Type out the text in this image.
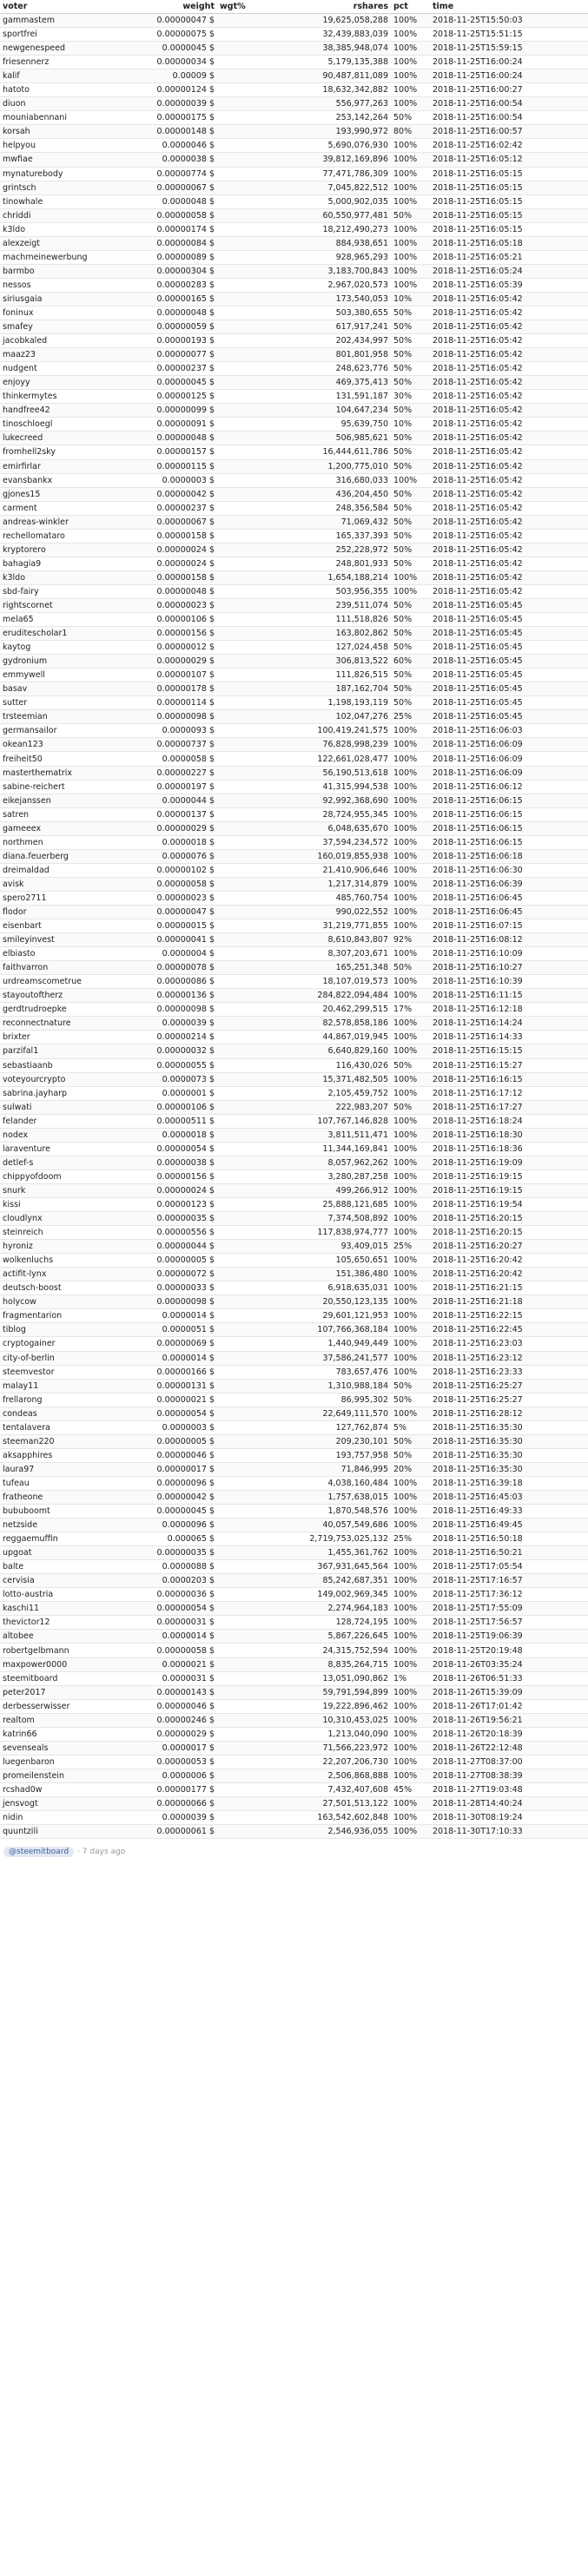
voter	weight	wgt%	rshares	pct	time
gammastem	0.00000047 $		19,625,058,288	100%	2018-11-25T15:50:03
sportfrei	0.00000075 $		32,439,883,039	100%	2018-11-25T15:51:15
newgenespeed	0.0000045 $		38,385,948,074	100%	2018-11-25T15:59:15
friesennerz	0.00000034 $		5,179,135,388	100%	2018-11-25T16:00:24
kalif	0.00009 $		90,487,811,089	100%	2018-11-25T16:00:24
hatoto	0.00000124 $		18,632,342,882	100%	2018-11-25T16:00:27
diuon	0.00000039 $		556,977,263	100%	2018-11-25T16:00:54
mouniabennani	0.00000175 $		253,142,264	50%	2018-11-25T16:00:54
korsah	0.00000148 $		193,990,972	80%	2018-11-25T16:00:57
helpyou	0.0000046 $		5,690,076,930	100%	2018-11-25T16:02:42
mwfiae	0.0000038 $		39,812,169,896	100%	2018-11-25T16:05:12
mynaturebody	0.00000774 $		77,471,786,309	100%	2018-11-25T16:05:15
grintsch	0.00000067 $		7,045,822,512	100%	2018-11-25T16:05:15
tinowhale	0.0000048 $		5,000,902,035	100%	2018-11-25T16:05:15
chriddi	0.00000058 $		60,550,977,481	50%	2018-11-25T16:05:15
k3ldo	0.00000174 $		18,212,490,273	100%	2018-11-25T16:05:15
alexzeigt	0.00000084 $		884,938,651	100%	2018-11-25T16:05:18
machmeinewerbung	0.00000089 $		928,965,293	100%	2018-11-25T16:05:21
barmbo	0.00000304 $		3,183,700,843	100%	2018-11-25T16:05:24
nessos	0.00000283 $		2,967,020,573	100%	2018-11-25T16:05:39
siriusgaia	0.00000165 $		173,540,053	10%	2018-11-25T16:05:42
foninux	0.00000048 $		503,380,655	50%	2018-11-25T16:05:42
smafey	0.00000059 $		617,917,241	50%	2018-11-25T16:05:42
jacobkaled	0.00000193 $		202,434,997	50%	2018-11-25T16:05:42
maaz23	0.00000077 $		801,801,958	50%	2018-11-25T16:05:42
nudgent	0.00000237 $		248,623,776	50%	2018-11-25T16:05:42
enjoyy	0.00000045 $		469,375,413	50%	2018-11-25T16:05:42
thinkermytes	0.00000125 $		131,591,187	30%	2018-11-25T16:05:42
handfree42	0.00000099 $		104,647,234	50%	2018-11-25T16:05:42
tinoschloegl	0.00000091 $		95,639,750	10%	2018-11-25T16:05:42
lukecreed	0.00000048 $		506,985,621	50%	2018-11-25T16:05:42
fromhell2sky	0.00000157 $		16,444,611,786	50%	2018-11-25T16:05:42
emirfirlar	0.00000115 $		1,200,775,010	50%	2018-11-25T16:05:42
evansbankx	0.0000003 $		316,680,033	100%	2018-11-25T16:05:42
gjones15	0.00000042 $		436,204,450	50%	2018-11-25T16:05:42
carment	0.00000237 $		248,356,584	50%	2018-11-25T16:05:42
andreas-winkler	0.00000067 $		71,069,432	50%	2018-11-25T16:05:42
rechellomataro	0.00000158 $		165,337,393	50%	2018-11-25T16:05:42
kryptorero	0.00000024 $		252,228,972	50%	2018-11-25T16:05:42
bahagia9	0.00000024 $		248,801,933	50%	2018-11-25T16:05:42
k3ldo	0.00000158 $		1,654,188,214	100%	2018-11-25T16:05:42
sbd-fairy	0.00000048 $		503,956,355	100%	2018-11-25T16:05:42
rightscornet	0.00000023 $		239,511,074	50%	2018-11-25T16:05:45
mela65	0.00000106 $		111,518,826	50%	2018-11-25T16:05:45
eruditescholar1	0.00000156 $		163,802,862	50%	2018-11-25T16:05:45
kaytog	0.00000012 $		127,024,458	50%	2018-11-25T16:05:45
gydronium	0.00000029 $		306,813,522	60%	2018-11-25T16:05:45
emmywell	0.00000107 $		111,826,515	50%	2018-11-25T16:05:45
basav	0.00000178 $		187,162,704	50%	2018-11-25T16:05:45
sutter	0.00000114 $		1,198,193,119	50%	2018-11-25T16:05:45
trsteemian	0.00000098 $		102,047,276	25%	2018-11-25T16:05:45
germansailor	0.0000093 $		100,419,241,575	100%	2018-11-25T16:06:03
okean123	0.00000737 $		76,828,998,239	100%	2018-11-25T16:06:09
freiheit50	0.0000058 $		122,661,028,477	100%	2018-11-25T16:06:09
masterthematrix	0.00000227 $		56,190,513,618	100%	2018-11-25T16:06:09
sabine-reichert	0.00000197 $		41,315,994,538	100%	2018-11-25T16:06:12
eikejanssen	0.0000044 $		92,992,368,690	100%	2018-11-25T16:06:15
satren	0.00000137 $		28,724,955,345	100%	2018-11-25T16:06:15
gameeex	0.00000029 $		6,048,635,670	100%	2018-11-25T16:06:15
northmen	0.0000018 $		37,594,234,572	100%	2018-11-25T16:06:15
diana.feuerberg	0.0000076 $		160,019,855,938	100%	2018-11-25T16:06:18
dreimaldad	0.00000102 $		21,410,906,646	100%	2018-11-25T16:06:30
avisk	0.00000058 $		1,217,314,879	100%	2018-11-25T16:06:39
spero2711	0.00000023 $		485,760,754	100%	2018-11-25T16:06:45
flodor	0.00000047 $		990,022,552	100%	2018-11-25T16:06:45
eisenbart	0.00000015 $		31,219,771,855	100%	2018-11-25T16:07:15
smileyinvest	0.00000041 $		8,610,843,807	92%	2018-11-25T16:08:12
elbiasto	0.0000004 $		8,307,203,671	100%	2018-11-25T16:10:09
faithvarron	0.00000078 $		165,251,348	50%	2018-11-25T16:10:27
urdreamscometrue	0.00000086 $		18,107,019,573	100%	2018-11-25T16:10:39
stayoutoftherz	0.00000136 $		284,822,094,484	100%	2018-11-25T16:11:15
gerdtrudroepke	0.00000098 $		20,462,299,515	17%	2018-11-25T16:12:18
reconnectnature	0.0000039 $		82,578,858,186	100%	2018-11-25T16:14:24
brixter	0.00000214 $		44,867,019,945	100%	2018-11-25T16:14:33
parzifal1	0.00000032 $		6,640,829,160	100%	2018-11-25T16:15:15
sebastiaanb	0.00000055 $		116,430,026	50%	2018-11-25T16:15:27
voteyourcrypto	0.0000073 $		15,371,482,505	100%	2018-11-25T16:16:15
sabrina.jayharp	0.0000001 $		2,105,459,752	100%	2018-11-25T16:17:12
sulwati	0.00000106 $		222,983,207	50%	2018-11-25T16:17:27
felander	0.00000511 $		107,767,146,828	100%	2018-11-25T16:18:24
nodex	0.0000018 $		3,811,511,471	100%	2018-11-25T16:18:30
laraventure	0.00000054 $		11,344,169,841	100%	2018-11-25T16:18:36
detlef-s	0.00000038 $		8,057,962,262	100%	2018-11-25T16:19:09
chippyofdoom	0.00000156 $		3,280,287,258	100%	2018-11-25T16:19:15
snurk	0.00000024 $		499,266,912	100%	2018-11-25T16:19:15
kissi	0.00000123 $		25,888,121,685	100%	2018-11-25T16:19:54
cloudlynx	0.00000035 $		7,374,508,892	100%	2018-11-25T16:20:15
steinreich	0.00000556 $		117,838,974,777	100%	2018-11-25T16:20:15
hyroniz	0.00000044 $		93,409,015	25%	2018-11-25T16:20:27
wolkenluchs	0.00000005 $		105,650,651	100%	2018-11-25T16:20:42
actifit-lynx	0.00000072 $		151,386,480	100%	2018-11-25T16:20:42
deutsch-boost	0.00000033 $		6,918,635,031	100%	2018-11-25T16:21:15
holycow	0.00000098 $		20,550,123,135	100%	2018-11-25T16:21:18
fragmentarion	0.0000014 $		29,601,121,953	100%	2018-11-25T16:22:15
tiblog	0.0000051 $		107,766,368,184	100%	2018-11-25T16:22:45
cryptogainer	0.00000069 $		1,440,949,449	100%	2018-11-25T16:23:03
city-of-berlin	0.0000014 $		37,586,241,577	100%	2018-11-25T16:23:12
steemvestor	0.00000166 $		783,657,476	100%	2018-11-25T16:23:33
malay11	0.00000131 $		1,310,988,184	50%	2018-11-25T16:25:27
frellarong	0.00000021 $		86,995,302	50%	2018-11-25T16:25:27
condeas	0.00000054 $		22,649,111,570	100%	2018-11-25T16:28:12
tentalavera	0.0000003 $		127,762,874	5%	2018-11-25T16:35:30
steeman220	0.00000005 $		209,230,101	50%	2018-11-25T16:35:30
aksapphires	0.00000046 $		193,757,958	50%	2018-11-25T16:35:30
laura97	0.00000017 $		71,846,995	20%	2018-11-25T16:35:30
tufeau	0.00000096 $		4,038,160,484	100%	2018-11-25T16:39:18
fratheone	0.00000042 $		1,757,638,015	100%	2018-11-25T16:45:03
bububoomt	0.00000045 $		1,870,548,576	100%	2018-11-25T16:49:33
netzside	0.0000096 $		40,057,549,686	100%	2018-11-25T16:49:45
reggaemuffin	0.000065 $		2,719,753,025,132	25%	2018-11-25T16:50:18
upgoat	0.00000035 $		1,455,361,762	100%	2018-11-25T16:50:21
balte	0.0000088 $		367,931,645,564	100%	2018-11-25T17:05:54
cervisia	0.0000203 $		85,242,687,351	100%	2018-11-25T17:16:57
lotto-austria	0.00000036 $		149,002,969,345	100%	2018-11-25T17:36:12
kaschi11	0.00000054 $		2,274,964,183	100%	2018-11-25T17:55:09
thevictor12	0.00000031 $		128,724,195	100%	2018-11-25T17:56:57
altobee	0.0000014 $		5,867,226,645	100%	2018-11-25T19:06:39
robertgelbmann	0.00000058 $		24,315,752,594	100%	2018-11-25T20:19:48
maxpower0000	0.0000021 $		8,835,264,715	100%	2018-11-26T03:35:24
steemitboard	0.0000031 $		13,051,090,862	1%	2018-11-26T06:51:33
peter2017	0.00000143 $		59,791,594,899	100%	2018-11-26T15:39:09
derbesserwisser	0.00000046 $		19,222,896,462	100%	2018-11-26T17:01:42
realtom	0.00000246 $		10,310,453,025	100%	2018-11-26T19:56:21
katrin66	0.00000029 $		1,213,040,090	100%	2018-11-26T20:18:39
sevenseals	0.0000017 $		71,566,223,972	100%	2018-11-26T22:12:48
luegenbaron	0.00000053 $		22,207,206,730	100%	2018-11-27T08:37:00
promeilenstein	0.0000006 $		2,506,868,888	100%	2018-11-27T08:38:39
rcshad0w	0.00000177 $		7,432,407,608	45%	2018-11-27T19:03:48
jensvogt	0.00000066 $		27,501,513,122	100%	2018-11-28T14:40:24
nidin	0.0000039 $		163,542,602,848	100%	2018-11-30T08:19:24
quuntzili	0.00000061 $		2,546,936,055	100%	2018-11-30T17:10:33
@steemitboard	· 7 days ago
